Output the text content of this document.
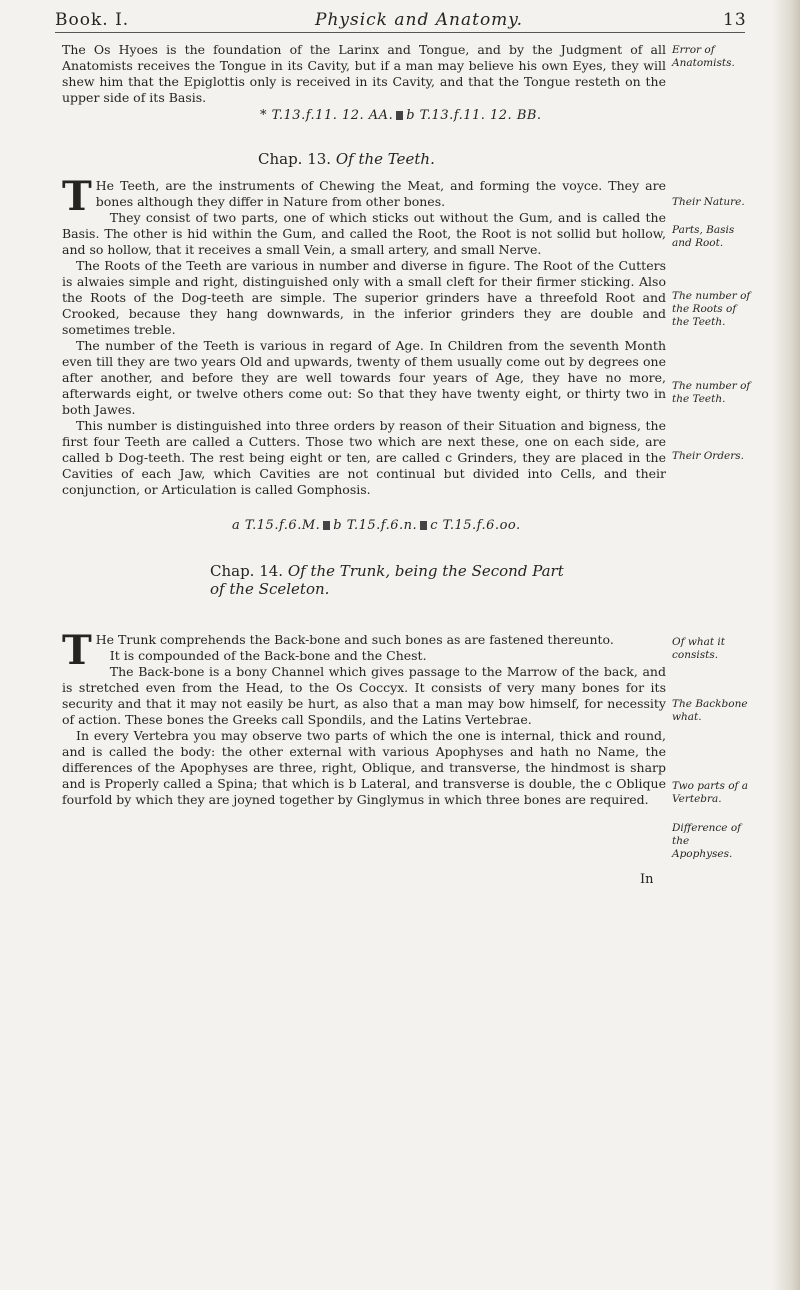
Book. I.	Physick and Anatomy.	13

The Os Hyoes is the foundation of the Larinx and Tongue, and by the Judgment of all Anatomists receives the Tongue in its Cavity, but if a man may believe his own Eyes, they will shew him that the Epiglottis only is received in its Cavity, and that the Tongue resteth on the upper side of its Basis.

Error of Anatomists.
* T.13.f.11. 12. AA. b T.13.f.11. 12. BB.
Chap. 13. Of the Teeth.

T He Teeth, are the instruments of Chewing the Meat, and forming the voyce. They are bones although they differ in Nature from other bones.

They consist of two parts, one of which sticks out without the Gum, and is called the Basis. The other is hid within the Gum, and called the Root, the Root is not sollid but hollow, and so hollow, that it receives a small Vein, a small artery, and small Nerve.

The Roots of the Teeth are various in number and diverse in figure. The Root of the Cutters is alwaies simple and right, distinguished only with a small cleft for their firmer sticking. Also the Roots of the Dog-teeth are simple. The superior grinders have a threefold Root and Crooked, because they hang downwards, in the inferior grinders they are double and sometimes treble.

The number of the Teeth is various in regard of Age. In Children from the seventh Month even till they are two years Old and upwards, twenty of them usually come out by degrees one after another, and before they are well towards four years of Age, they have no more, afterwards eight, or twelve others come out: So that they have twenty eight, or thirty two in both Jawes.

This number is distinguished into three orders by reason of their Situation and bigness, the first four Teeth are called a Cutters. Those two which are next these, one on each side, are called b Dog-teeth. The rest being eight or ten, are called c Grinders, they are placed in the Cavities of each Jaw, which Cavities are not continual but divided into Cells, and their conjunction, or Articulation is called Gomphosis.

Their Nature.
Parts, Basis and Root.
The number of the Roots of the Teeth.
The number of the Teeth.
Their Orders.
a T.15.f.6.M. b T.15.f.6.n. c T.15.f.6.oo.
Chap. 14. Of the Trunk, being the Second Part of the Sceleton.

T He Trunk comprehends the Back-bone and such bones as are fastened thereunto.

It is compounded of the Back-bone and the Chest.

The Back-bone is a bony Channel which gives passage to the Marrow of the back, and is stretched even from the Head, to the Os Coccyx. It consists of very many bones for its security and that it may not easily be hurt, as also that a man may bow himself, for necessity of action. These bones the Greeks call Spondils, and the Latins Vertebrae.

In every Vertebra you may observe two parts of which the one is internal, thick and round, and is called the body: the other external with various Apophyses and hath no Name, the differences of the Apophyses are three, right, Oblique, and transverse, the hindmost is sharp and is Properly called a Spina; that which is b Lateral, and transverse is double, the c Oblique fourfold by which they are joyned together by Ginglymus in which three bones are required.

Of what it consists.
The Backbone what.
Two parts of a Vertebra.
Difference of the Apophyses.
In
